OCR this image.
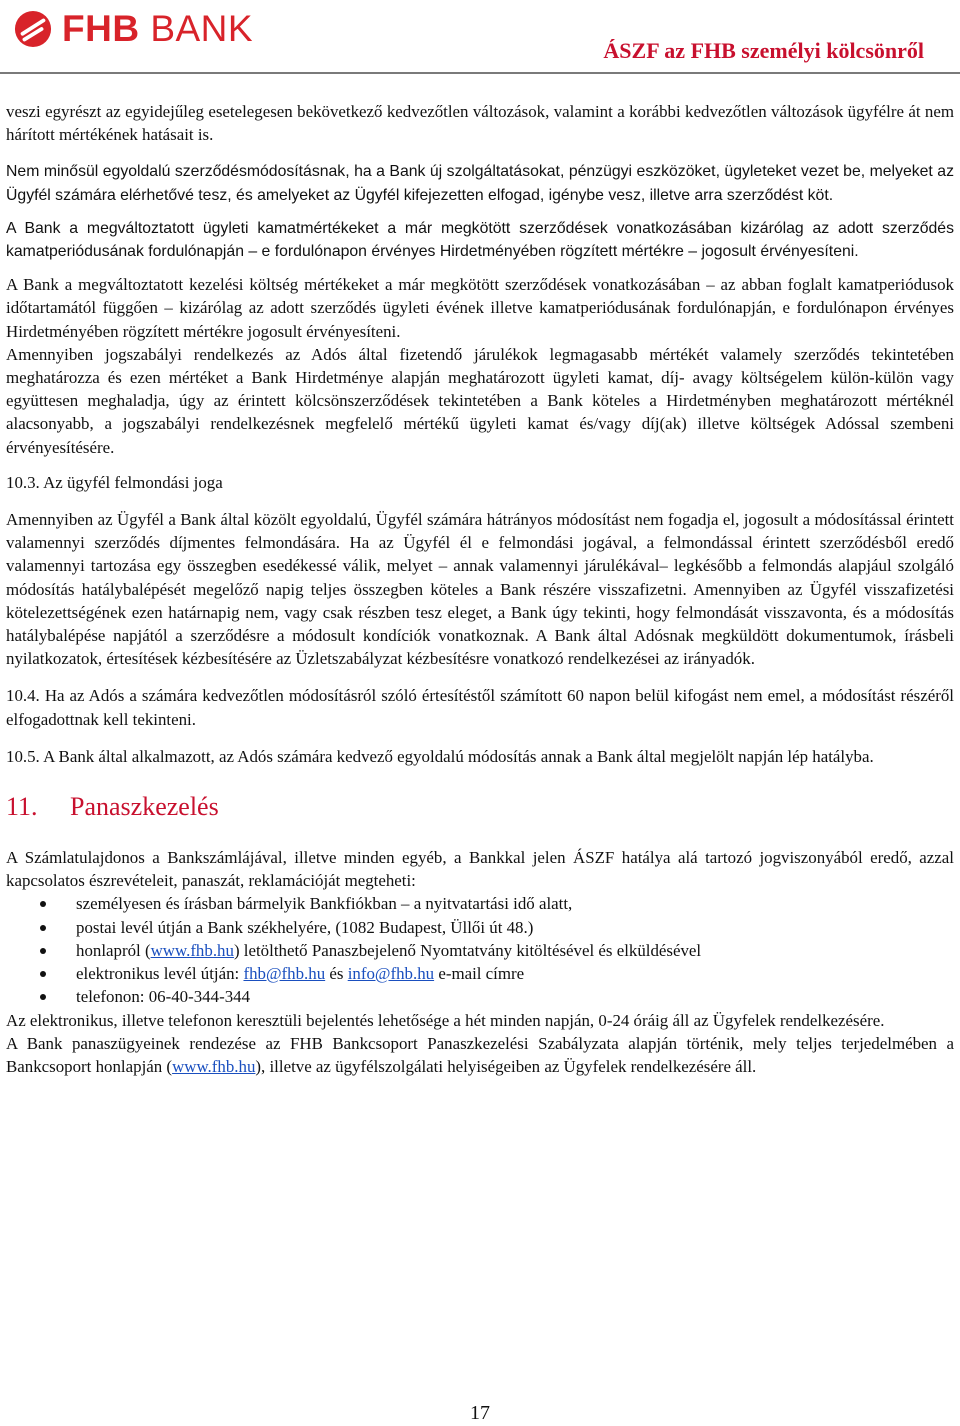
FHB BANK
ÁSZF az FHB személyi kölcsönről

veszi egyrészt az egyidejűleg esetelegesen bekövetkező kedvezőtlen változások, valamint a korábbi kedvezőtlen változások ügyfélre át nem hárított mértékének hatásait is.

Nem minősül egyoldalú szerződésmódosításnak, ha a Bank új szolgáltatásokat, pénzügyi eszközöket, ügyleteket vezet be, melyeket az Ügyfél számára elérhetővé tesz, és amelyeket az Ügyfél kifejezetten elfogad, igénybe vesz, illetve arra szerződést köt.

A Bank a megváltoztatott ügyleti kamatmértékeket a már megkötött szerződések vonatkozásában kizárólag az adott szerződés kamatperiódusának fordulónapján – e fordulónapon érvényes Hirdetményében rögzített mértékre – jogosult érvényesíteni.

A Bank a megváltoztatott kezelési költség mértékeket a már megkötött szerződések vonatkozásában – az abban foglalt kamatperiódusok időtartamától függően – kizárólag az adott szerződés ügyleti évének illetve kamatperiódusának fordulónapján, e fordulónapon érvényes Hirdetményében rögzített mértékre jogosult érvényesíteni.

Amennyiben jogszabályi rendelkezés az Adós által fizetendő járulékok legmagasabb mértékét valamely szerződés tekintetében meghatározza és ezen mértéket a Bank Hirdetménye alapján meghatározott ügyleti kamat, díj- avagy költségelem külön-külön vagy együttesen meghaladja, úgy az érintett kölcsönszerződések tekintetében a Bank köteles a Hirdetményben meghatározott mértéknél alacsonyabb, a jogszabályi rendelkezésnek megfelelő mértékű ügyleti kamat és/vagy díj(ak) illetve költségek Adóssal szembeni érvényesítésére.

10.3. Az ügyfél felmondási joga

Amennyiben az Ügyfél a Bank által közölt egyoldalú, Ügyfél számára hátrányos módosítást nem fogadja el, jogosult a módosítással érintett valamennyi szerződés díjmentes felmondására. Ha az Ügyfél él e felmondási jogával, a felmondással érintett szerződésből eredő valamennyi tartozása egy összegben esedékessé válik, melyet – annak valamennyi járulékával– legkésőbb a felmondás alapjául szolgáló módosítás hatálybalépését megelőző napig teljes összegben köteles a Bank részére visszafizetni. Amennyiben az Ügyfél visszafizetési kötelezettségének ezen határnapig nem, vagy csak részben tesz eleget, a Bank úgy tekinti, hogy felmondását visszavonta, és a módosítás hatálybalépése napjától a szerződésre a módosult kondíciók vonatkoznak. A Bank által Adósnak megküldött dokumentumok, írásbeli nyilatkozatok, értesítések kézbesítésére az Üzletszabályzat kézbesítésre vonatkozó rendelkezései az irányadók.

10.4. Ha az Adós a számára kedvezőtlen módosításról szóló értesítéstől számított 60 napon belül kifogást nem emel, a módosítást részéről elfogadottnak kell tekinteni.

10.5. A Bank által alkalmazott, az Adós számára kedvező egyoldalú módosítás annak a Bank által megjelölt napján lép hatályba.

11. Panaszkezelés

A Számlatulajdonos a Bankszámlájával, illetve minden egyéb, a Bankkal jelen ÁSZF hatálya alá tartozó jogviszonyából eredő, azzal kapcsolatos észrevételeit, panaszát, reklamációját megteheti:

személyesen és írásban bármelyik Bankfiókban – a nyitvatartási idő alatt,
postai levél útján a Bank székhelyére, (1082 Budapest, Üllői út 48.)
honlapról (www.fhb.hu) letölthető Panaszbejelenő Nyomtatvány kitöltésével és elküldésével
elektronikus levél útján: fhb@fhb.hu és info@fhb.hu e-mail címre
telefonon: 06-40-344-344

Az elektronikus, illetve telefonon keresztüli bejelentés lehetősége a hét minden napján, 0-24 óráig áll az Ügyfelek rendelkezésére.

A Bank panaszügyeinek rendezése az FHB Bankcsoport Panaszkezelési Szabályzata alapján történik, mely teljes terjedelmében a Bankcsoport honlapján (www.fhb.hu), illetve az ügyfélszolgálati helyiségeiben az Ügyfelek rendelkezésére áll.

17
